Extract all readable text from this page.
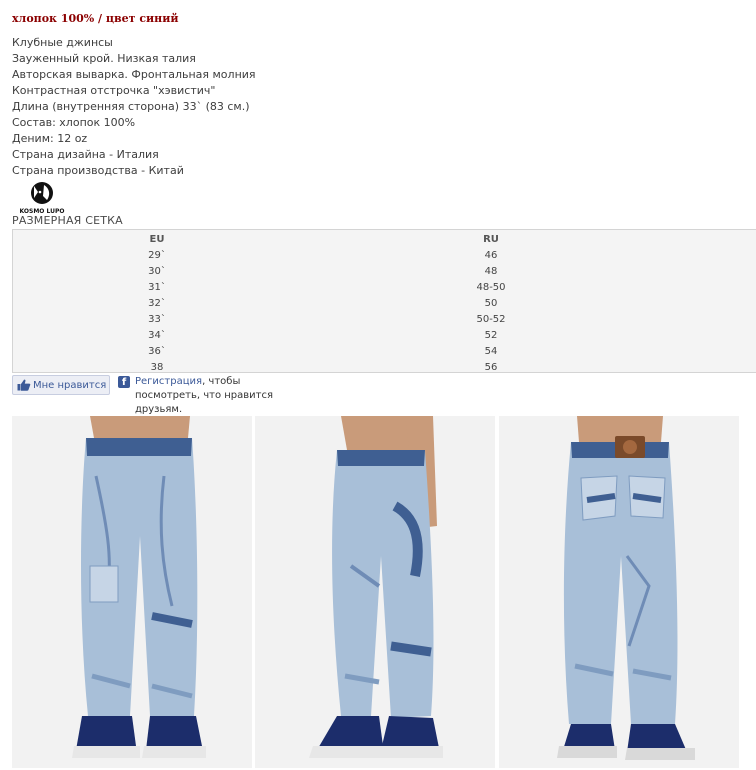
хлопок 100% / цвет синий
Клубные джинсы
Зауженный крой. Низкая талия
Авторская выварка. Фронтальная молния
Контрастная отстрочка "хэвистич"
Длина (внутренняя сторона) 33` (83 см.)
Состав: хлопок 100%
Деним: 12 oz
Страна дизайна - Италия
Страна производства - Китай
KOSMO LUPO
РАЗМЕРНАЯ СЕТКА
EU
29`
30`
31`
32`
33`
34`
36`
38
RU
46
48
48-50
50
50-52
52
54
56
Мне нравится	f Регистрация, чтобы посмотреть, что нравится друзьям.
